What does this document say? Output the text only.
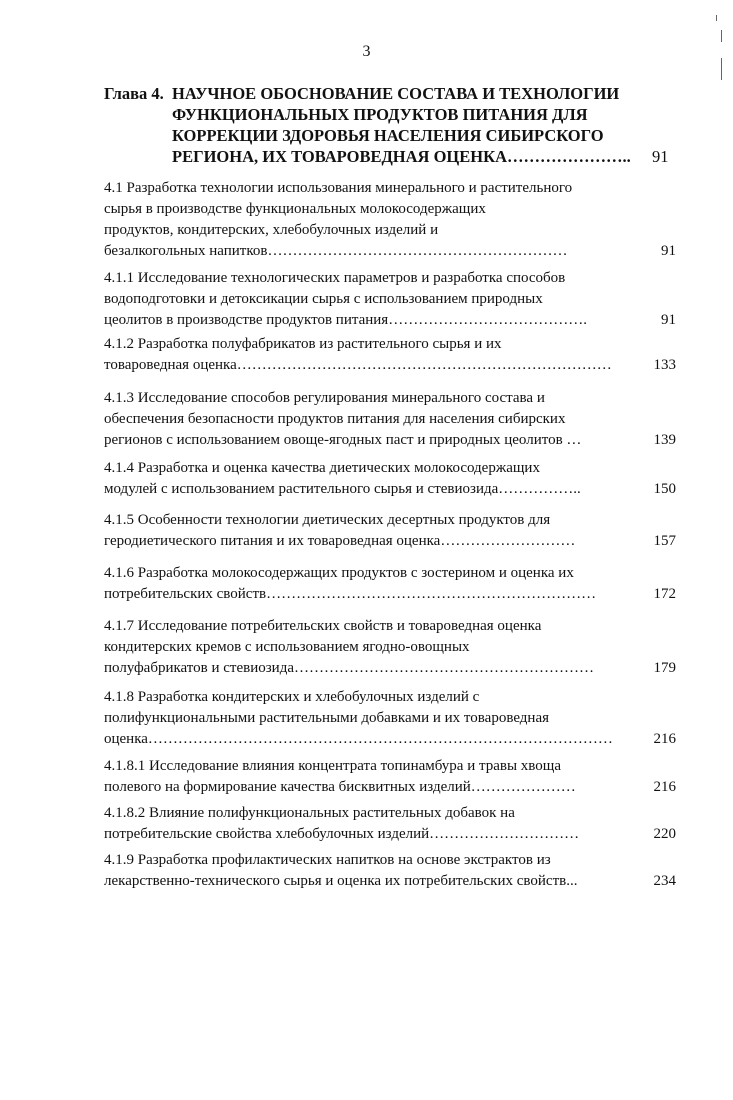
3
Глава 4. НАУЧНОЕ ОБОСНОВАНИЕ СОСТАВА И ТЕХНОЛОГИИ
ФУНКЦИОНАЛЬНЫХ ПРОДУКТОВ ПИТАНИЯ ДЛЯ
КОРРЕКЦИИ ЗДОРОВЬЯ НАСЕЛЕНИЯ СИБИРСКОГО
РЕГИОНА, ИХ ТОВАРОВЕДНАЯ ОЦЕНКА………………….. 91
4.1 Разработка технологии использования минерального и растительного
сырья в производстве функциональных молокосодержащих
продуктов, кондитерских, хлебобулочных изделий и
безалкогольных напитков……………………………………………………	91
4.1.1 Исследование технологических параметров и разработка способов
водоподготовки и детоксикации сырья с использованием природных
цеолитов в производстве продуктов питания………………………………….	91
4.1.2 Разработка полуфабрикатов из растительного сырья и их
товароведная оценка…………………………………………………………………	133
4.1.3 Исследование способов регулирования минерального состава и
обеспечения безопасности продуктов питания для населения сибирских
регионов с использованием овоще-ягодных паст и природных цеолитов …	139
4.1.4 Разработка и оценка качества диетических молокосодержащих
модулей с использованием растительного сырья и стевиозида……………..	150
4.1.5 Особенности технологии диетических десертных продуктов для
геродиетического питания и их товароведная оценка………………………	157
4.1.6 Разработка молокосодержащих продуктов с зостерином и оценка их
потребительских свойств…………………………………………………………	172
4.1.7 Исследование потребительских свойств и товароведная оценка
кондитерских кремов с использованием ягодно-овощных
полуфабрикатов и стевиозида……………………………………………………	179
4.1.8 Разработка кондитерских и хлебобулочных изделий с
полифункциональными растительными добавками и их товароведная
оценка…………………………………………………………………………………	216
4.1.8.1 Исследование влияния концентрата топинамбура и травы хвоща
полевого на формирование качества бисквитных изделий…………………	216
4.1.8.2 Влияние полифункциональных растительных добавок на
потребительские свойства хлебобулочных изделий…………………………	220
4.1.9 Разработка профилактических напитков на основе экстрактов из
лекарственно-технического сырья и оценка их потребительских свойств...	234
